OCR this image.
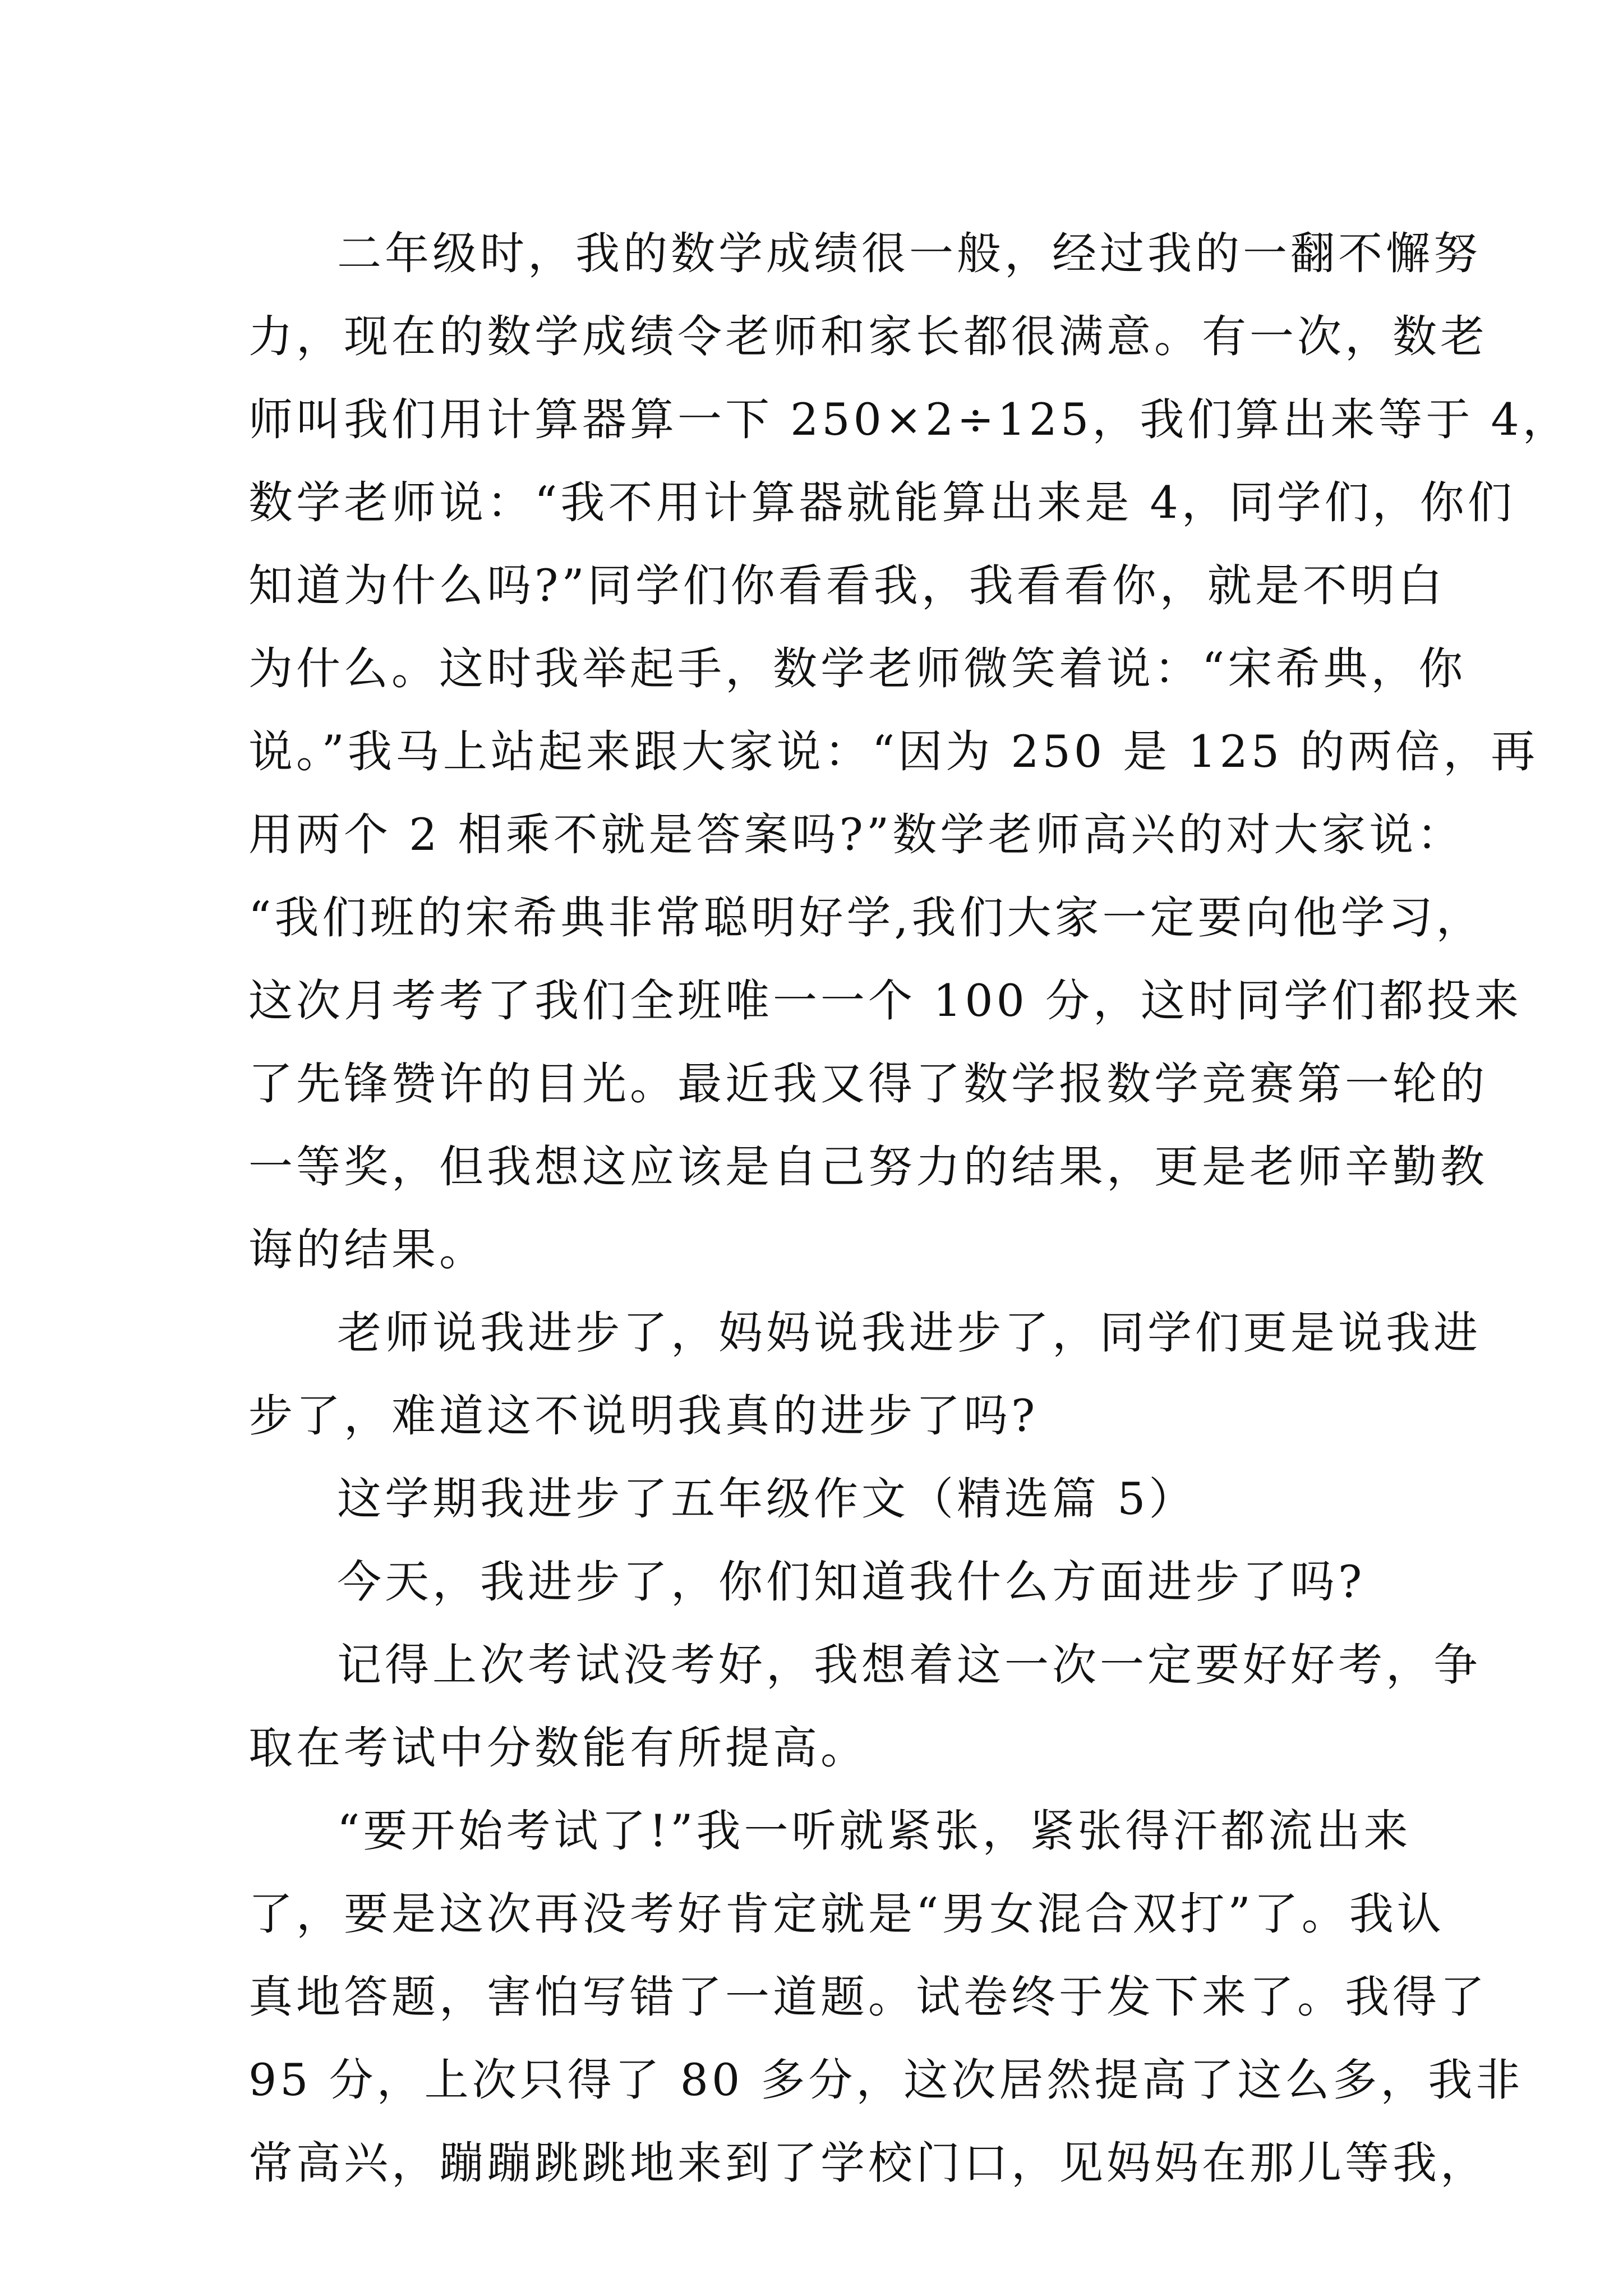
二年级时，我的数学成绩很一般，经过我的一翻不懈努
力，现在的数学成绩令老师和家长都很满意。有一次，数老
师叫我们用计算器算一下 250×2÷125，我们算出来等于 4，
数学老师说：“我不用计算器就能算出来是 4，同学们，你们
知道为什么吗?”同学们你看看我，我看看你，就是不明白
为什么。这时我举起手，数学老师微笑着说：“宋希典，你
说。”我马上站起来跟大家说：“因为 250 是 125 的两倍，再
用两个 2 相乘不就是答案吗?”数学老师高兴的对大家说：
“我们班的宋希典非常聪明好学,我们大家一定要向他学习，
这次月考考了我们全班唯一一个 100 分，这时同学们都投来
了先锋赞许的目光。最近我又得了数学报数学竞赛第一轮的
一等奖，但我想这应该是自己努力的结果，更是老师辛勤教
诲的结果。
老师说我进步了，妈妈说我进步了，同学们更是说我进
步了，难道这不说明我真的进步了吗?
这学期我进步了五年级作文（精选篇 5）
今天，我进步了，你们知道我什么方面进步了吗?
记得上次考试没考好，我想着这一次一定要好好考，争
取在考试中分数能有所提高。
“要开始考试了!”我一听就紧张，紧张得汗都流出来
了，要是这次再没考好肯定就是“男女混合双打”了。我认
真地答题，害怕写错了一道题。试卷终于发下来了。我得了
95 分，上次只得了 80 多分，这次居然提高了这么多，我非
常高兴，蹦蹦跳跳地来到了学校门口，见妈妈在那儿等我，
